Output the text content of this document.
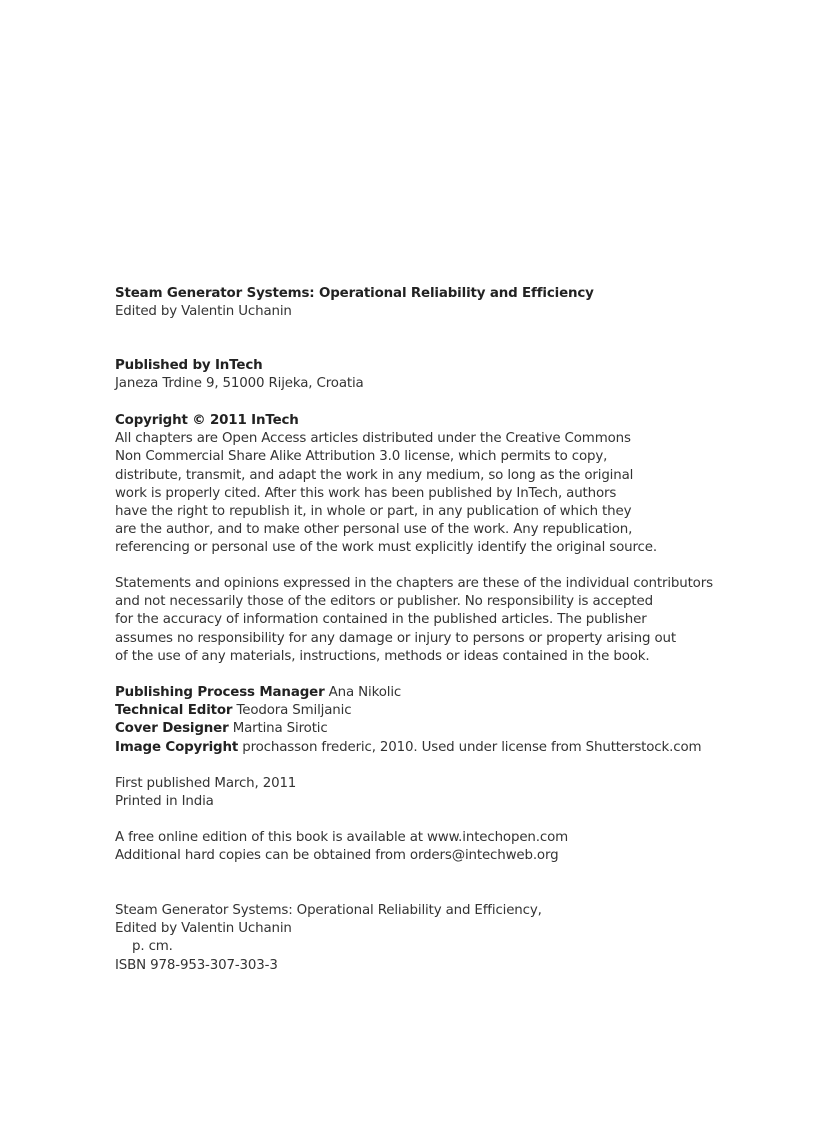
Steam Generator Systems: Operational Reliability and Efficiency
Edited by Valentin Uchanin
Published by InTech
Janeza Trdine 9, 51000 Rijeka, Croatia
Copyright © 2011 InTech
All chapters are Open Access articles distributed under the Creative Commons
Non Commercial Share Alike Attribution 3.0 license, which permits to copy,
distribute, transmit, and adapt the work in any medium, so long as the original
work is properly cited. After this work has been published by InTech, authors
have the right to republish it, in whole or part, in any publication of which they
are the author, and to make other personal use of the work. Any republication,
referencing or personal use of the work must explicitly identify the original source.
Statements and opinions expressed in the chapters are these of the individual contributors
and not necessarily those of the editors or publisher. No responsibility is accepted
for the accuracy of information contained in the published articles. The publisher
assumes no responsibility for any damage or injury to persons or property arising out
of the use of any materials, instructions, methods or ideas contained in the book.
Publishing Process Manager Ana Nikolic
Technical Editor Teodora Smiljanic
Cover Designer Martina Sirotic
Image Copyright prochasson frederic, 2010. Used under license from Shutterstock.com
First published March, 2011
Printed in India
A free online edition of this book is available at www.intechopen.com
Additional hard copies can be obtained from orders@intechweb.org
Steam Generator Systems: Operational Reliability and Efficiency,
Edited by Valentin Uchanin
p. cm.
ISBN 978-953-307-303-3
